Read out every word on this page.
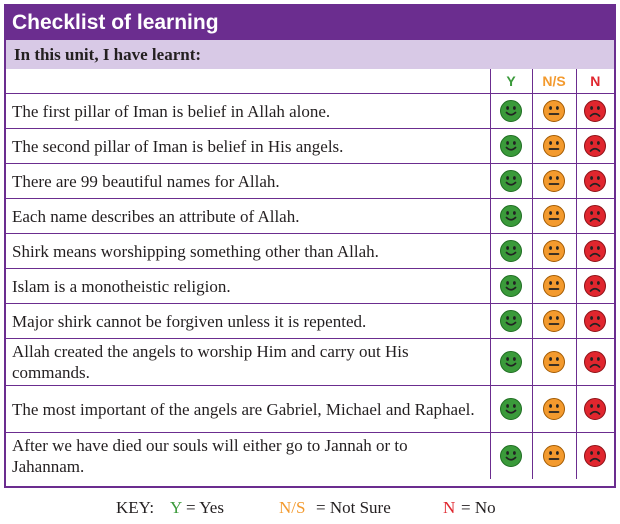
Checklist of learning
In this unit, I have learnt:
	Y	N/S	N
The first pillar of Iman is belief in Allah alone.	

The second pillar of Iman is belief in His angels.	

There are 99 beautiful names for Allah.	

Each name describes an attribute of Allah.	

Shirk means worshipping something other than Allah.	

Islam is a monotheistic religion.	

Major shirk cannot be forgiven unless it is repented.	

Allah created the angels to worship Him and carry out His commands.	

The most important of the angels are Gabriel, Michael and Raphael.	

After we have died our souls will either go to Jannah or to Jahannam.	

KEY: Y = Yes	N/S = Not Sure	N = No
